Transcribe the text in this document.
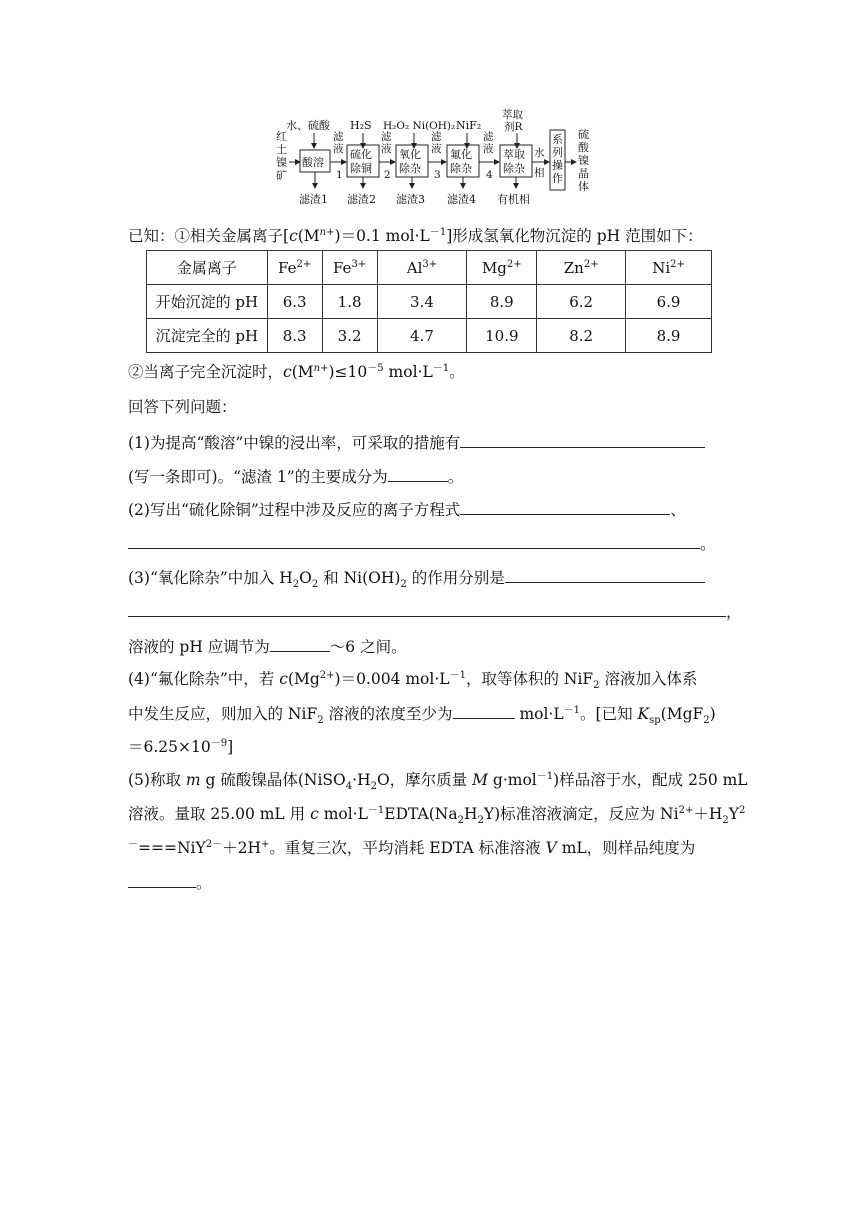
红土镍矿
水、硫酸 H₂S H₂O₂ Ni(OH)₂ NiF₂
萃取剂R
酸溶
硫化除铜
氧化除杂
氟化除杂
萃取除杂
系列操作
滤液 1
滤液 2
滤液 3
滤液 4
水相
硫酸镍晶体
滤渣1 滤渣2 滤渣3 滤渣4 有机相
已知：①相关金属离子[$c(M^{n+})=0.1$ $mol\cdot L^{-1}$]形成氢氧化物沉淀的 pH 范围如下：
金属离子	$Fe^{2+}$	$Fe^{3+}$	$Al^{3+}$	$Mg^{2+}$	$Zn^{2+}$	$Ni^{2+}$
开始沉淀的 pH	6.3	1.8	3.4	8.9	6.2	6.9
沉淀完全的 pH	8.3	3.2	4.7	10.9	8.2	8.9
②当离子完全沉淀时，$c(M^{n+})\le 10^{-5}$ $mol\cdot L^{-1}$。
回答下列问题：
(1)为提高“酸溶”中镍的浸出率，可采取的措施有
(写一条即可)。“滤渣 1”的主要成分为	。
(2)写出“硫化除铜”过程中涉及反应的离子方程式	、
。
(3)“氧化除杂”中加入 $H_2O_2$ 和 $Ni(OH)_2$ 的作用分别是
，
溶液的 pH 应调节为	～6 之间。
(4)“氟化除杂”中，若 $c(Mg^{2+})=0.004$ $mol\cdot L^{-1}$，取等体积的 NiF$_2$ 溶液加入体系
中发生反应，则加入的 NiF$_2$ 溶液的浓度至少为	$mol\cdot L^{-1}$。[已知 $K_{sp}(MgF_2)$
$=6.25\times 10^{-9}$]
(5)称取 m g 硫酸镍晶体($NiSO_4\cdot H_2O$，摩尔质量 M g·mol$^{-1}$)样品溶于水，配成 250 mL
溶液。量取 25.00 mL 用 c $mol\cdot L^{-1}EDTA(Na_2H_2Y)$标准溶液滴定，反应为 $Ni^{2+}+H_2Y^2$
－===NiY$^{2-}$＋2H+。重复三次，平均消耗 EDTA 标准溶液 V mL，则样品纯度为
。
